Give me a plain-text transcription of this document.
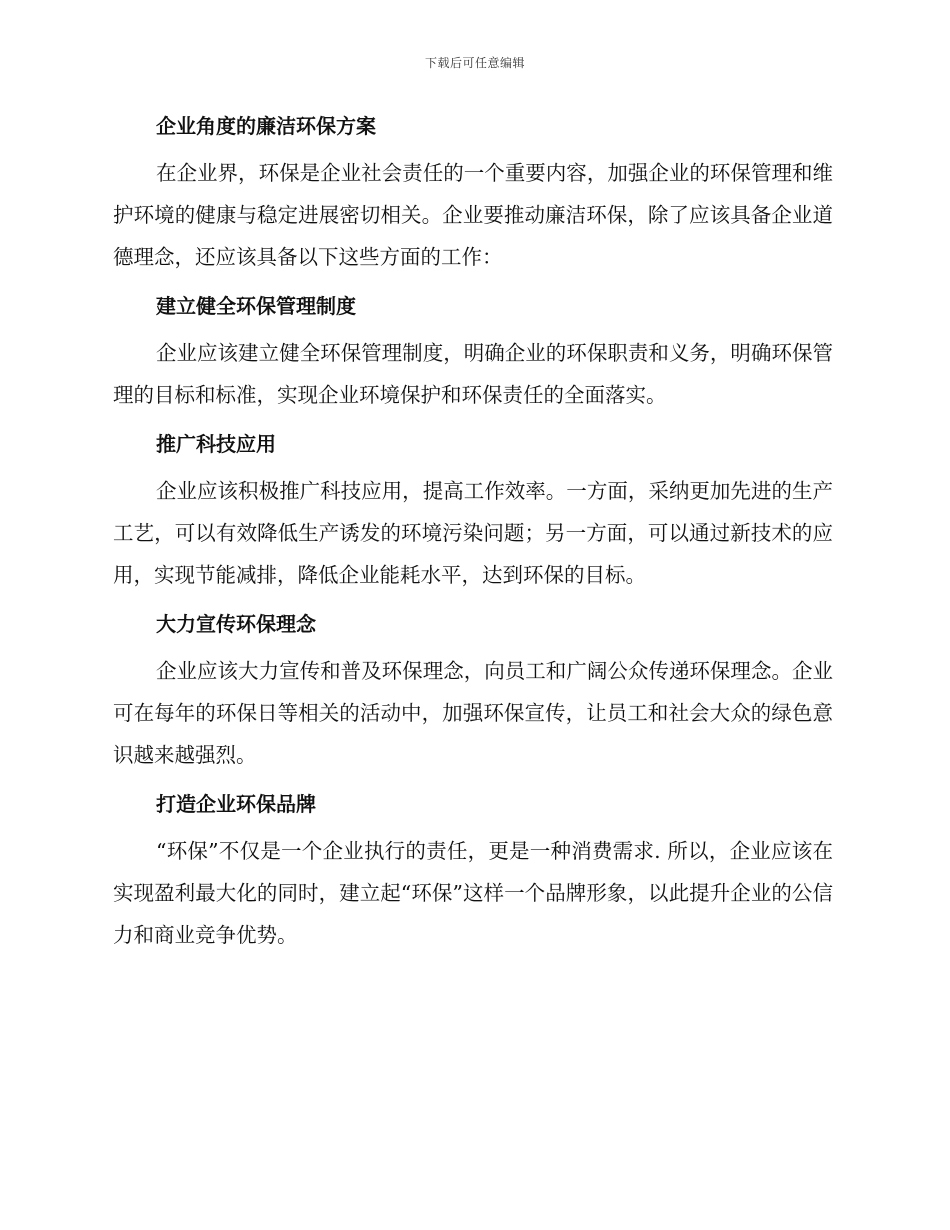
下载后可任意编辑
企业角度的廉洁环保方案

在企业界，环保是企业社会责任的一个重要内容，加强企业的环保管理和维护环境的健康与稳定进展密切相关。企业要推动廉洁环保，除了应该具备企业道德理念，还应该具备以下这些方面的工作：

建立健全环保管理制度

企业应该建立健全环保管理制度，明确企业的环保职责和义务，明确环保管理的目标和标准，实现企业环境保护和环保责任的全面落实。

推广科技应用

企业应该积极推广科技应用，提高工作效率。一方面，采纳更加先进的生产工艺，可以有效降低生产诱发的环境污染问题；另一方面，可以通过新技术的应用，实现节能减排，降低企业能耗水平，达到环保的目标。

大力宣传环保理念

企业应该大力宣传和普及环保理念，向员工和广阔公众传递环保理念。企业可在每年的环保日等相关的活动中，加强环保宣传，让员工和社会大众的绿色意识越来越强烈。

打造企业环保品牌

“环保”不仅是一个企业执行的责任，更是一种消费需求. 所以，企业应该在实现盈利最大化的同时，建立起“环保”这样一个品牌形象，以此提升企业的公信力和商业竞争优势。
